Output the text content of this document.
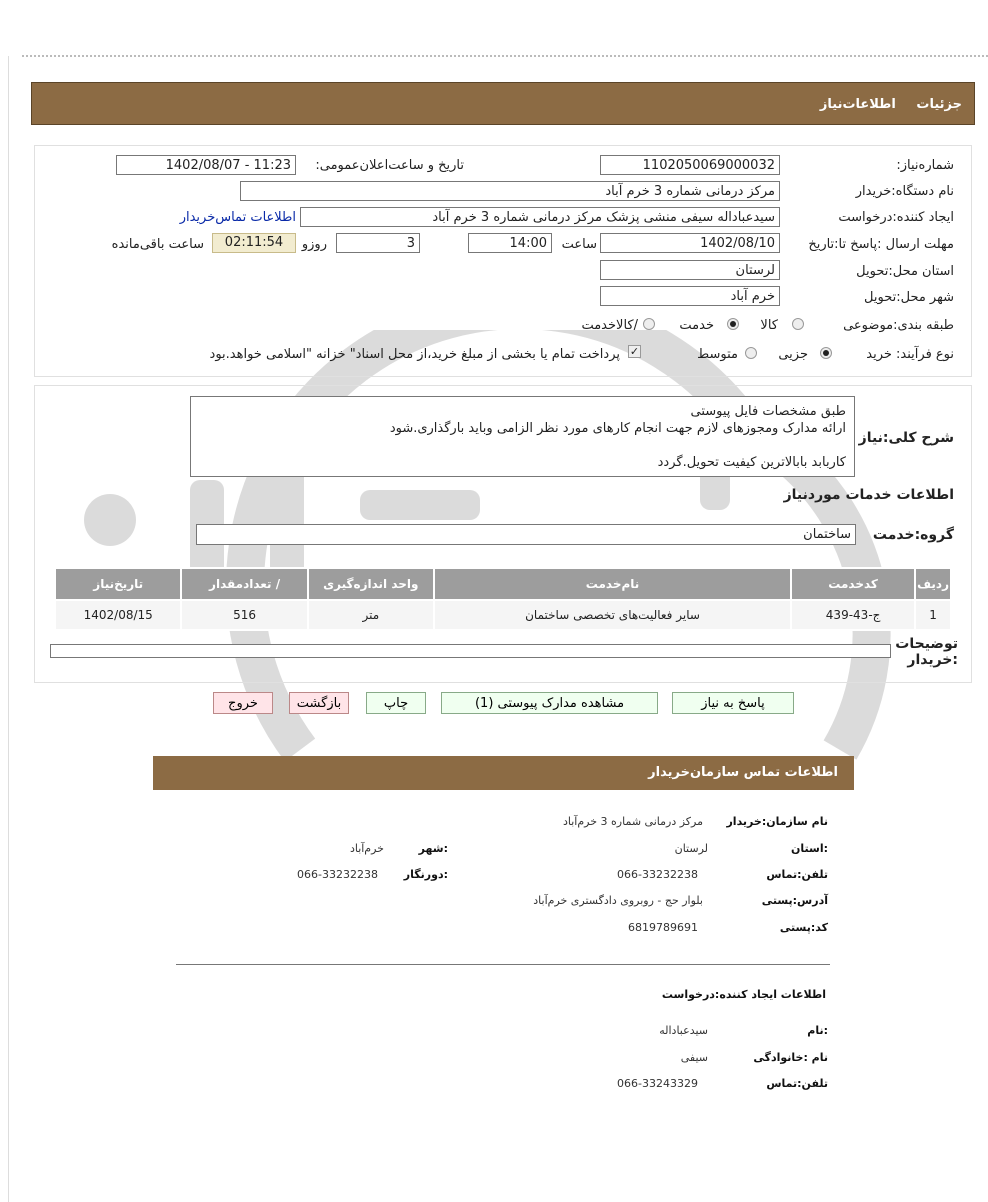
جزئیات اطلاعات‌نیاز
شماره‌نیاز:
1102050069000032
تاریخ و ساعت‌اعلان‌عمومی:
1402/08/07 - 11:23
نام دستگاه:خریدار
مرکز درمانی شماره 3 خرم آباد
ایجاد کننده:درخواست
سیدعباداله سیفی منشی پزشک مرکز درمانی شماره 3 خرم آباد
اطلاعات تماس‌خریدار
مهلت ارسال :پاسخ تا:تاریخ
1402/08/10
ساعت
14:00
3
روزو
02:11:54
ساعت باقی‌مانده
استان محل:تحویل
لرستان
شهر محل:تحویل
خرم آباد
طبقه بندی:موضوعی
کالا
خدمت
/کالاخدمت
نوع فرآیند: خرید
جزیی
متوسط
✓
پرداخت تمام یا بخشی از مبلغ خرید،از محل اسناد" خزانه "اسلامی خواهد.بود
شرح کلی:نیاز
طبق مشخصات فایل پیوستی
ارائه مدارک ومجوزهای لازم جهت انجام کارهای مورد نظر الزامی وباید بارگذاری.شود
کاربابد بابالاترین کیفیت تحویل.گردد
اطلاعات خدمات موردنیاز
گروه:خدمت
ساختمان
ردیف	کدخدمت	نام‌خدمت	واحد اندازه‌گیری	/ تعدادمقدار	تاریخ‌نیاز
1	ج-43-439	سایر فعالیت‌های تخصصی ساختمان	متر	516	1402/08/15
توضیحات :خریدار
پاسخ به نیاز
مشاهده مدارک پیوستی (1)
چاپ
بازگشت
خروج
اطلاعات تماس سازمان‌خریدار
نام سازمان:خریدار
مرکز درمانی شماره 3 خرم‌آباد
:استان
لرستان
:شهر
خرم‌آباد
تلفن:تماس
066-33232238
:دورنگار
066-33232238
آدرس:پستی
بلوار حج - روبروی دادگستری خرم‌آباد
کد:پستی
6819789691
اطلاعات ایجاد کننده:درخواست
:نام
سیدعباداله
نام :خانوادگی
سیفی
تلفن:تماس
066-33243329
